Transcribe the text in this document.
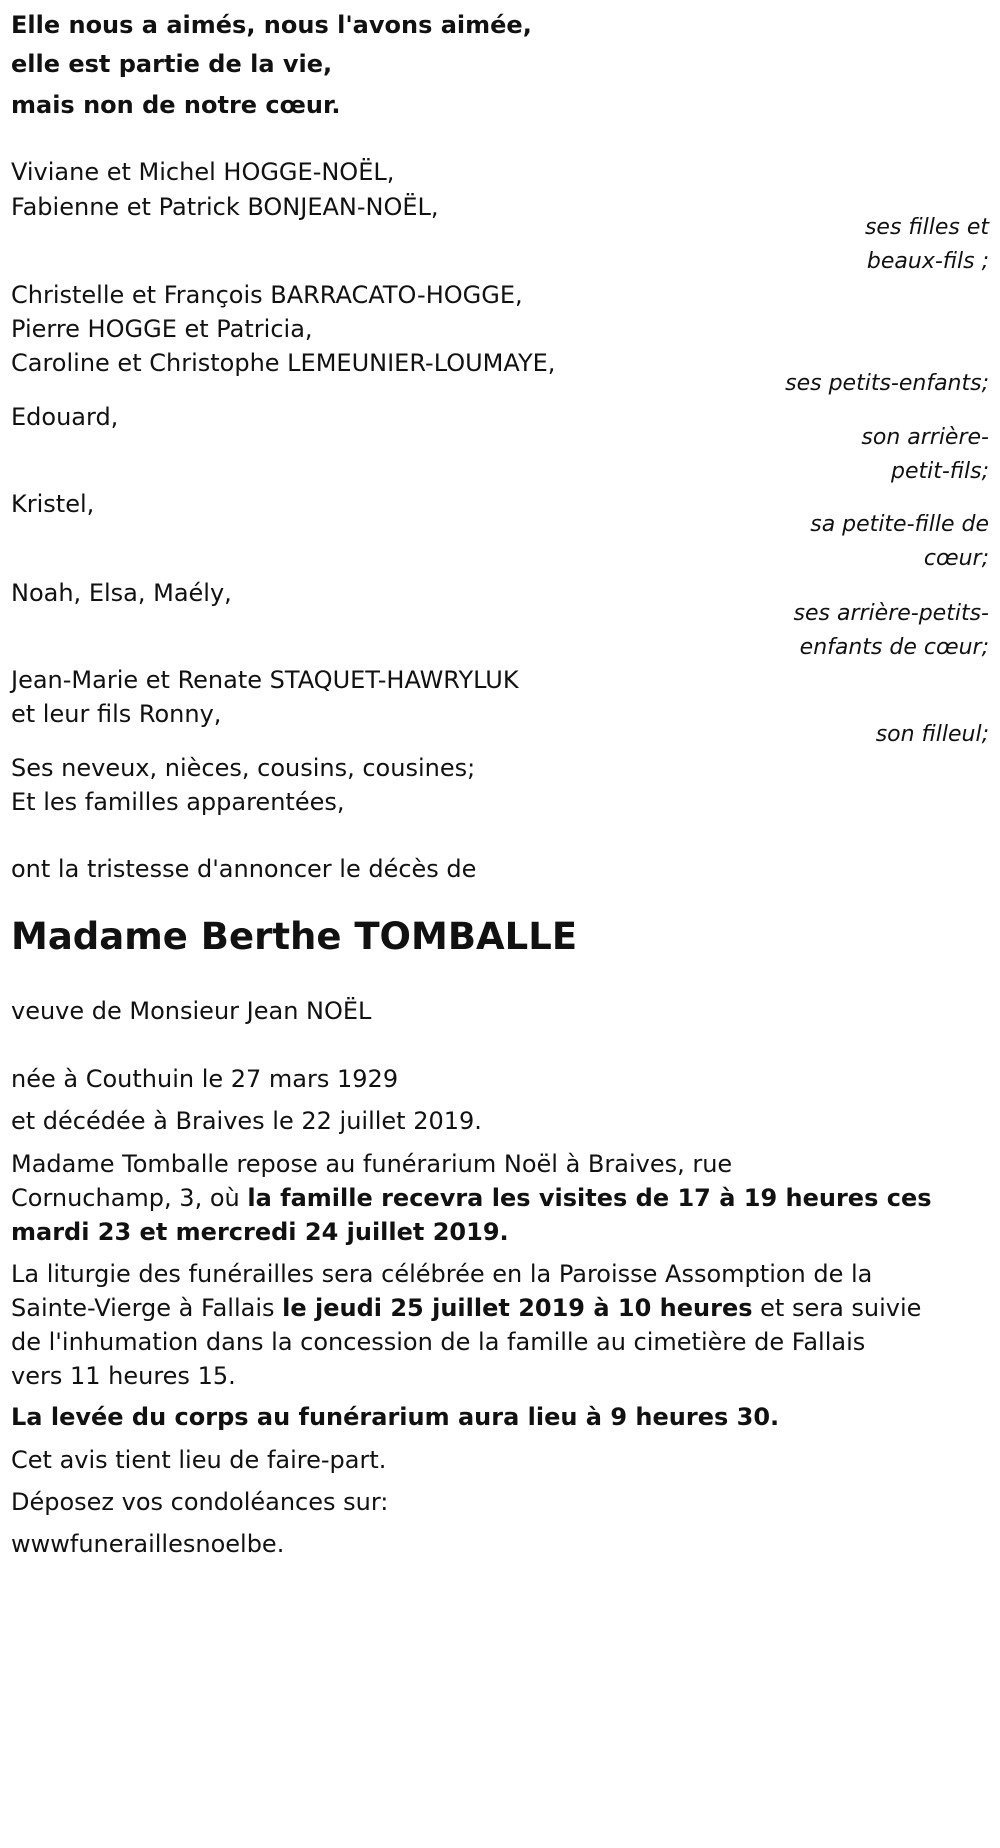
Elle nous a aimés, nous l'avons aimée,
elle est partie de la vie,
mais non de notre cœur.
Viviane et Michel HOGGE-NOËL,
Fabienne et Patrick BONJEAN-NOËL,
ses filles et
beaux-fils ;
Christelle et François BARRACATO-HOGGE,
Pierre HOGGE et Patricia,
Caroline et Christophe LEMEUNIER-LOUMAYE,
ses petits-enfants;
Edouard,
son arrière-
petit-fils;
Kristel,
sa petite-fille de
cœur;
Noah, Elsa, Maély,
ses arrière-petits-
enfants de cœur;
Jean-Marie et Renate STAQUET-HAWRYLUK
et leur fils Ronny,
son filleul;
Ses neveux, nièces, cousins, cousines;
Et les familles apparentées,
ont la tristesse d'annoncer le décès de
Madame Berthe TOMBALLE
veuve de Monsieur Jean NOËL
née à Couthuin le 27 mars 1929
et décédée à Braives le 22 juillet 2019.
Madame Tomballe repose au funérarium Noël à Braives, rue
Cornuchamp, 3, où la famille recevra les visites de 17 à 19 heures ces
mardi 23 et mercredi 24 juillet 2019.
La liturgie des funérailles sera célébrée en la Paroisse Assomption de la
Sainte-Vierge à Fallais le jeudi 25 juillet 2019 à 10 heures et sera suivie
de l'inhumation dans la concession de la famille au cimetière de Fallais
vers 11 heures 15.
La levée du corps au funérarium aura lieu à 9 heures 30.
Cet avis tient lieu de faire-part.
Déposez vos condoléances sur:
wwwfuneraillesnoelbe.
